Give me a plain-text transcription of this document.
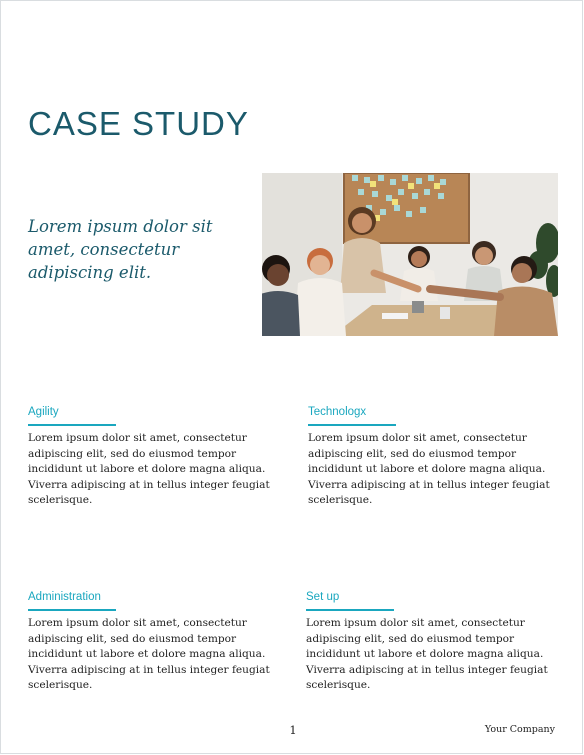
CASE STUDY

Lorem ipsum dolor sit amet, consectetur adipiscing elit.

Agility

Lorem ipsum dolor sit amet, consectetur adipiscing elit, sed do eiusmod tempor incididunt ut labore et dolore magna aliqua. Viverra adipiscing at in tellus integer feugiat scelerisque.

Technologx

Lorem ipsum dolor sit amet, consectetur adipiscing elit, sed do eiusmod tempor incididunt ut labore et dolore magna aliqua. Viverra adipiscing at in tellus integer feugiat scelerisque.

Administration

Lorem ipsum dolor sit amet, consectetur adipiscing elit, sed do eiusmod tempor incididunt ut labore et dolore magna aliqua. Viverra adipiscing at in tellus integer feugiat scelerisque.

Set up

Lorem ipsum dolor sit amet, consectetur adipiscing elit, sed do eiusmod tempor incididunt ut labore et dolore magna aliqua. Viverra adipiscing at in tellus integer feugiat scelerisque.

1	Your Company
